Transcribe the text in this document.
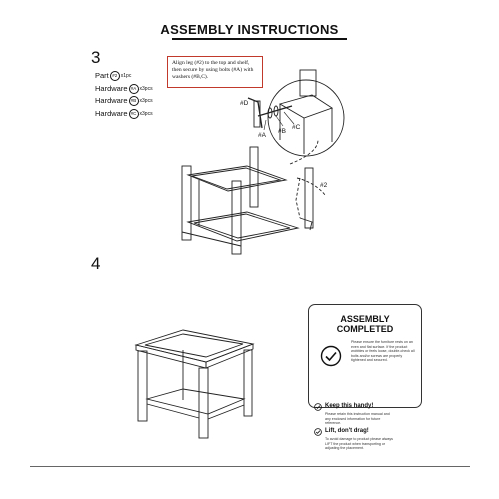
ASSEMBLY INSTRUCTIONS
3
Part #2 x1pc
Hardware #A x3pcs
Hardware #B x3pcs
Hardware #C x3pcs
Align leg (#2) to the top and shelf, then secure by using bolts (#A) with washers (#B,C).
#D
#A
#B
#C
#2
4
ASSEMBLY
COMPLETED
Please ensure the furniture rests on an even and flat surface. If the product wobbles or feels loose, double-check all bolts and/or screws are properly tightened and secured.
Keep this handy!
Please retain this instruction manual and any enclosed information for future reference.
Lift, don't drag!
To avoid damage to product please always LIFT the product when transporting or adjusting the placement.
